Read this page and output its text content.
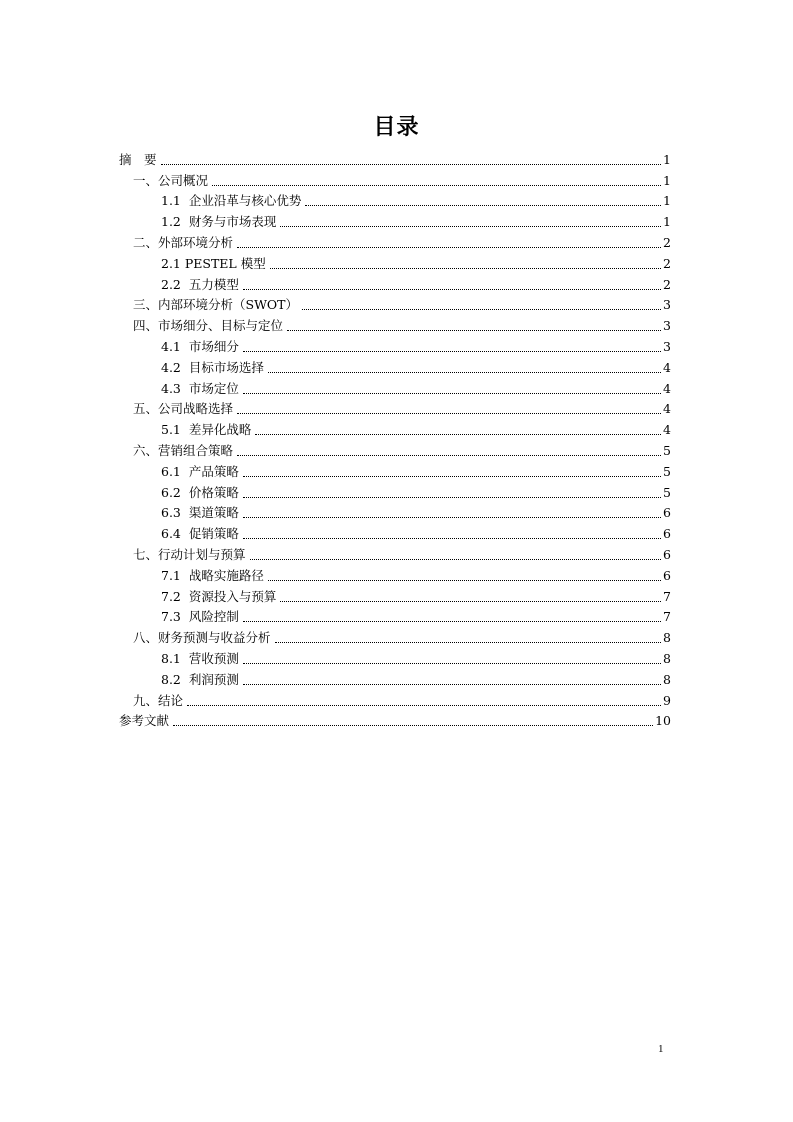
目录
摘　要	1
一、公司概况	1
1.1  企业沿革与核心优势	1
1.2  财务与市场表现	1
二、外部环境分析	2
2.1 PESTEL 模型	2
2.2  五力模型	2
三、内部环境分析（SWOT）	3
四、市场细分、目标与定位	3
4.1  市场细分	3
4.2  目标市场选择	4
4.3  市场定位	4
五、公司战略选择	4
5.1  差异化战略	4
六、营销组合策略	5
6.1  产品策略	5
6.2  价格策略	5
6.3  渠道策略	6
6.4  促销策略	6
七、行动计划与预算	6
7.1  战略实施路径	6
7.2  资源投入与预算	7
7.3  风险控制	7
八、财务预测与收益分析	8
8.1  营收预测	8
8.2  利润预测	8
九、结论	9
参考文献	10
1
